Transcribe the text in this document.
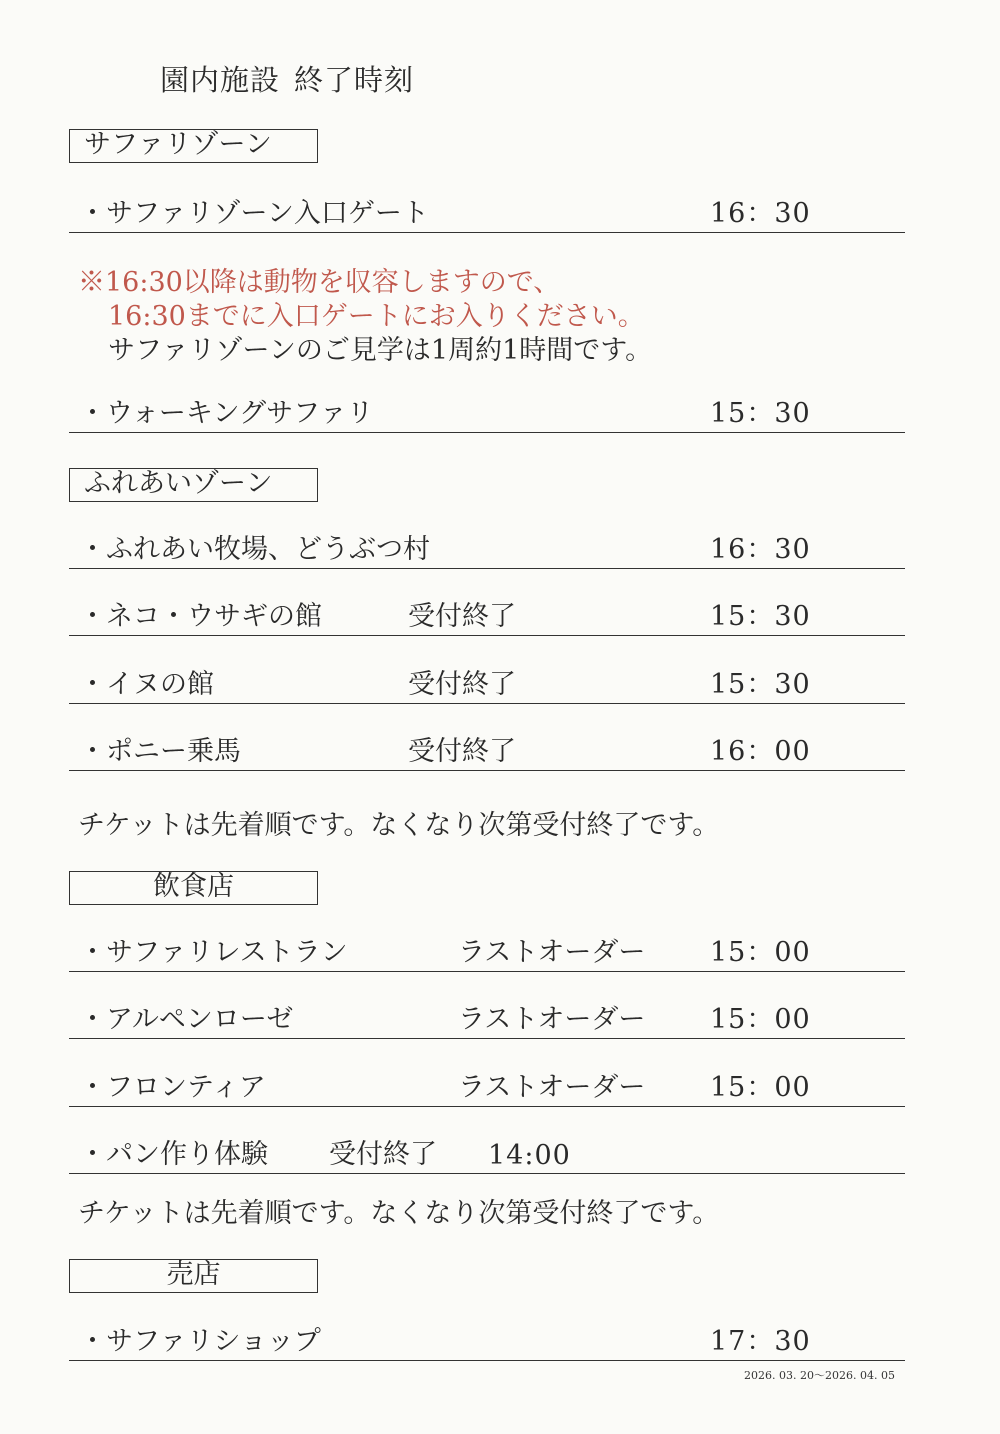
園内施設 終了時刻
サファリゾーン
・サファリゾーン入口ゲート	16：30
※16:30以降は動物を収容しますので、
16:30までに入口ゲートにお入りください。
サファリゾーンのご見学は1周約1時間です。
・ウォーキングサファリ	15：30
ふれあいゾーン
・ふれあい牧場、どうぶつ村	16：30
・ネコ・ウサギの館	受付終了	15：30
・イヌの館	受付終了	15：30
・ポニー乗馬	受付終了	16：00
チケットは先着順です。なくなり次第受付終了です。
飲食店
・サファリレストラン	ラストオーダー 15：00
・アルペンローゼ	ラストオーダー 15：00
・フロンティア	ラストオーダー 15：00
・パン作り体験 受付終了 14:00
チケットは先着順です。なくなり次第受付終了です。
売店
・サファリショップ	17：30
2026. 03. 20～2026. 04. 05
